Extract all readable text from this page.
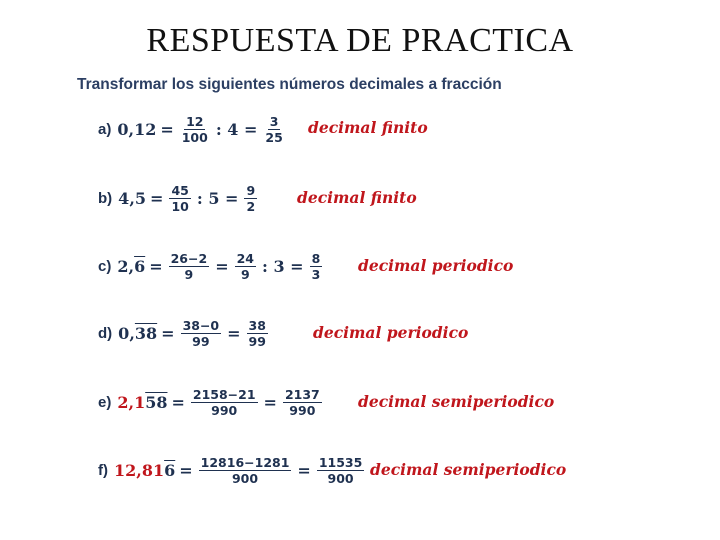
RESPUESTA DE PRACTICA
Transformar los siguientes números decimales a fracción
a) 0 , $12 = \frac{12}{100}$ : $4 = \frac{3}{25}$ decimal finito
b) 4 , $5 = \frac{45}{10}$ : $5 = \frac{9}{2}$	decimal finito
c) 2 , $6 = \frac{26-2}{9} = \frac{24}{9}$ : $3 = \frac{8}{3}$ decimal periodico
d) 0 , $38 = \frac{38-0}{99} = \frac{38}{99}$	decimal periodico
e) 2 , 1 $58 = \frac{2158-21}{990} = \frac{2137}{990}$ decimal semiperiodico
f) 12 , 81 $6 = \frac{12816-1281}{900} = \frac{11535}{900}$ decimal semiperiodico
